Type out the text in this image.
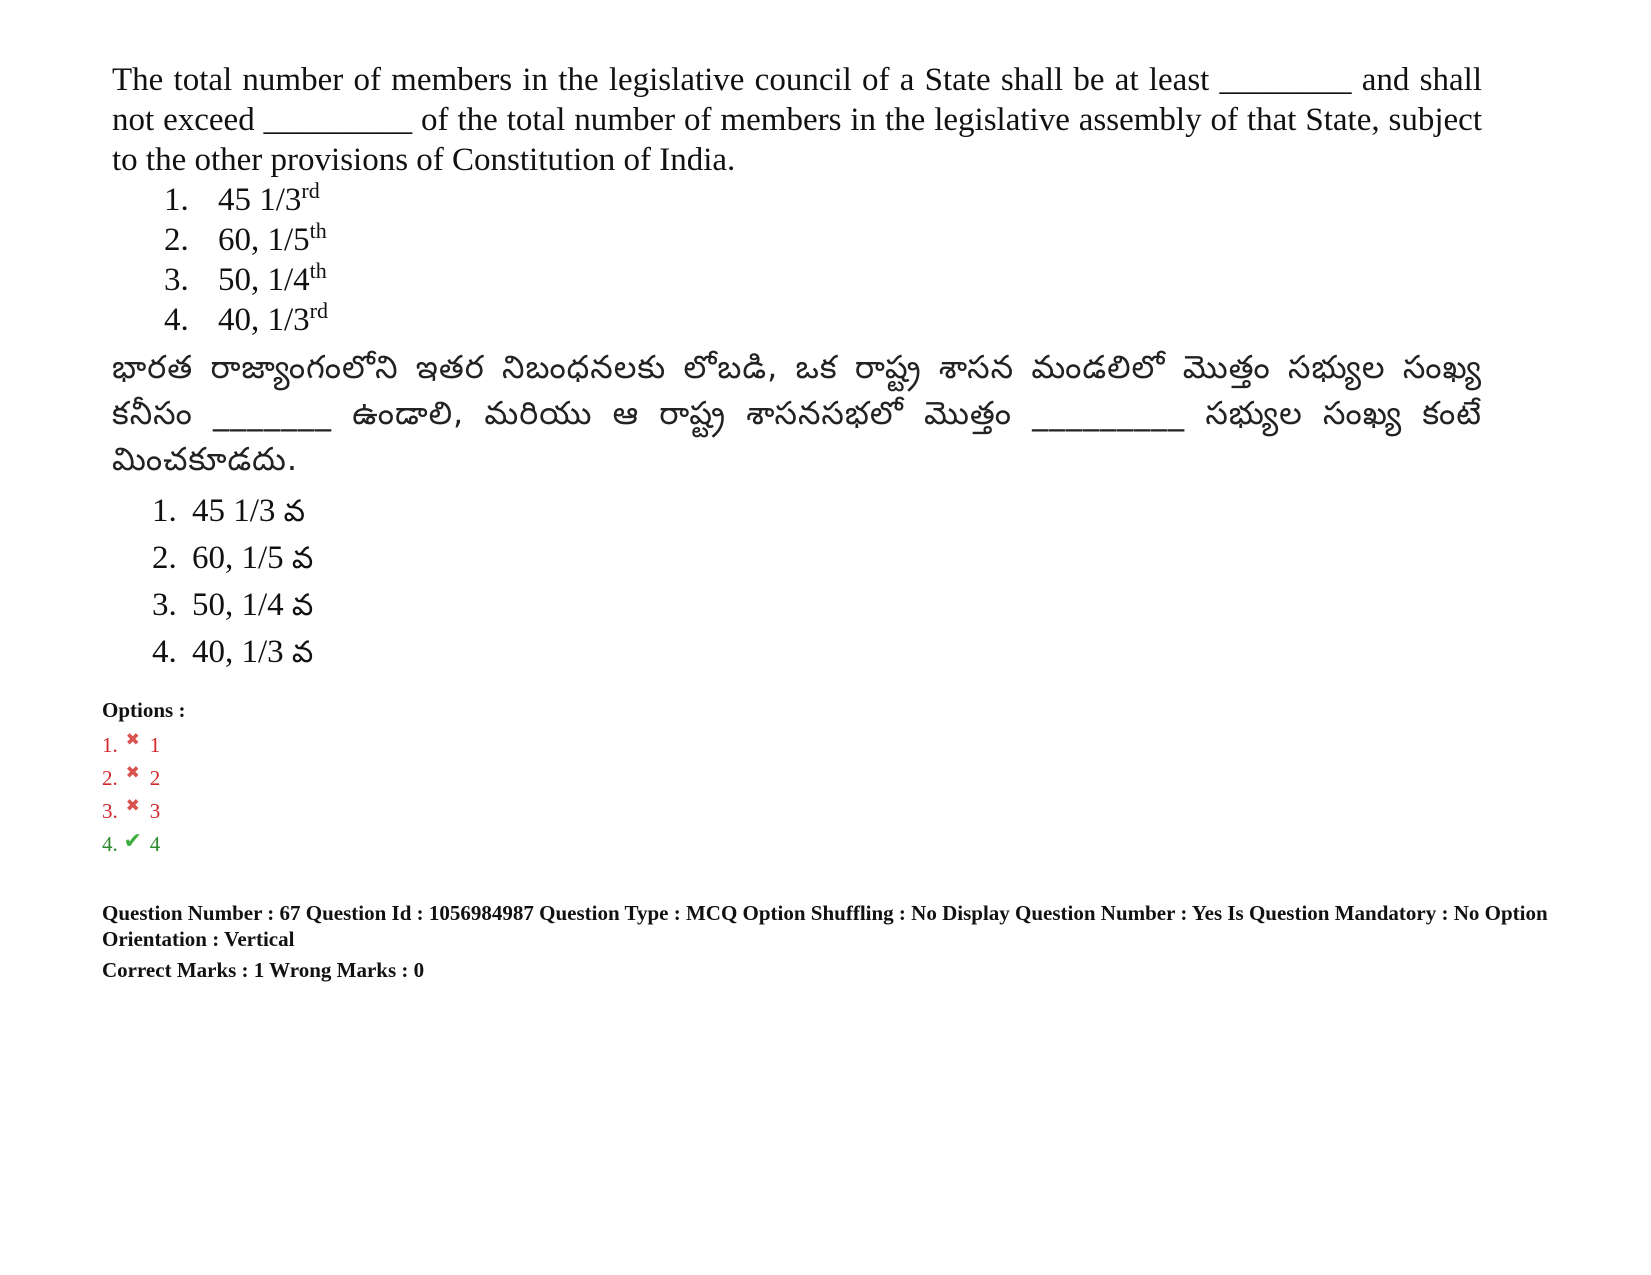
The total number of members in the legislative council of a State shall be at least ________ and shall not exceed _________ of the total number of members in the legislative assembly of that State, subject to the other provisions of Constitution of India.

1. 45 1/3rd
2. 60, 1/5th
3. 50, 1/4th
4. 40, 1/3rd

భారత రాజ్యాంగంలోని ఇతర నిబంధనలకు లోబడి, ఒక రాష్ట్ర శాసన మండలిలో మొత్తం సభ్యుల సంఖ్య కనీసం _______ ఉండాలి, మరియు ఆ రాష్ట్ర శాసనసభలో మొత్తం _________ సభ్యుల సంఖ్య కంటే మించకూడదు.

1. 45 1/3 వ
2. 60, 1/5 వ
3. 50, 1/4 వ
4. 40, 1/3 వ
Options :
1. ✖ 1
2. ✖ 2
3. ✖ 3
4. ✔ 4

Question Number : 67 Question Id : 1056984987 Question Type : MCQ Option Shuffling : No Display Question Number : Yes Is Question Mandatory : No Option Orientation : Vertical

Correct Marks : 1 Wrong Marks : 0
